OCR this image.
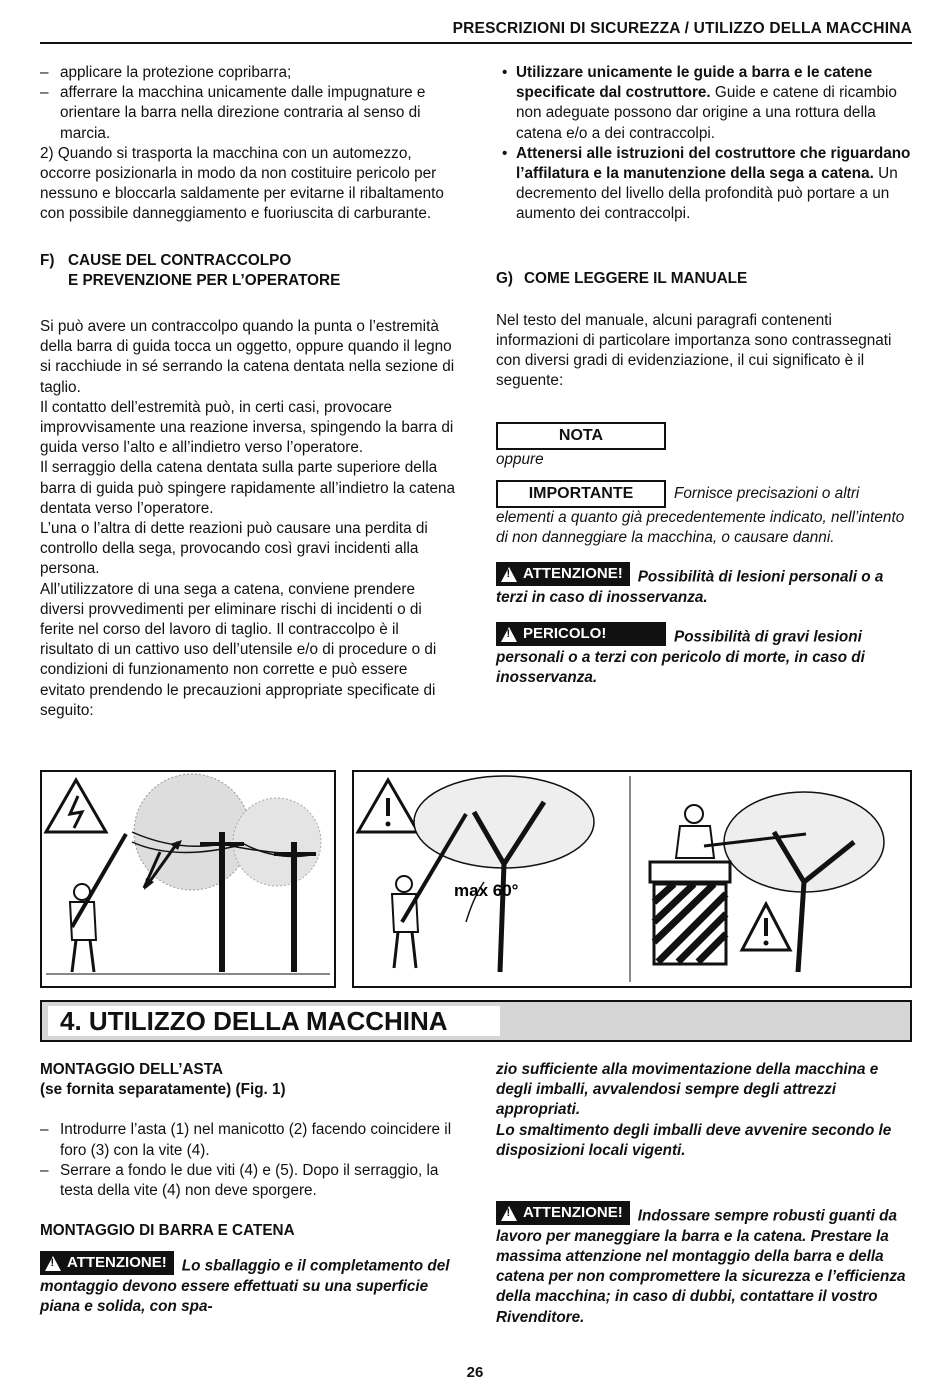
PRESCRIZIONI DI SICUREZZA / UTILIZZO DELLA MACCHINA
– applicare la protezione copribarra;
– afferrare la macchina unicamente dalle impugnature e orientare la barra nella direzione contraria al senso di marcia.

2) Quando si trasporta la macchina con un automezzo, occorre posizionarla in modo da non costituire pericolo per nessuno e bloccarla saldamente per evitarne il ribaltamento con possibile danneggiamento e fuoriuscita di carburante.

F) CAUSE DEL CONTRACCOLPO
E PREVENZIONE PER L’OPERATORE

Si può avere un contraccolpo quando la punta o l’estremità della barra di guida tocca un oggetto, oppure quando il legno si racchiude in sé serrando la catena dentata nella sezione di taglio.

Il contatto dell’estremità può, in certi casi, provocare improvvisamente una reazione inversa, spingendo la barra di guida verso l’alto e all’indietro verso l’operatore.

Il serraggio della catena dentata sulla parte superiore della barra di guida può spingere rapidamente all’indietro la catena dentata verso l’operatore.

L’una o l’altra di dette reazioni può causare una perdita di controllo della sega, provocando così gravi incidenti alla persona.

All’utilizzatore di una sega a catena, conviene prendere diversi provvedimenti per eliminare rischi di incidenti o di ferite nel corso del lavoro di taglio. Il contraccolpo è il risultato di un cattivo uso dell’utensile e/o di procedure o di condizioni di funzionamento non corrette e può essere evitato prendendo le precauzioni appropriate specificate di seguito:

• Utilizzare unicamente le guide a barra e le catene specificate dal costruttore. Guide e catene di ricambio non adeguate possono dar origine a una rottura della catena e/o a dei contraccolpi.
• Attenersi alle istruzioni del costruttore che riguardano l’affilatura e la manutenzione della sega a catena. Un decremento del livello della profondità può portare a un aumento dei contraccolpi.
G) COME LEGGERE IL MANUALE

Nel testo del manuale, alcuni paragrafi contenenti informazioni di particolare importanza sono contrassegnati con diversi gradi di evidenziazione, il cui significato è il seguente:

NOTA

oppure

IMPORTANTE	Fornisce precisazioni o altri elementi a quanto già precedentemente indicato, nell’intento di non danneggiare la macchina, o causare danni.

!
ATTENZIONE! Possibilità di lesioni personali o a terzi in caso di inosservanza.

!
PERICOLO!	Possibilità di gravi lesioni personali o a terzi con pericolo di morte, in caso di inosservanza.

max 60°
4. UTILIZZO DELLA MACCHINA

MONTAGGIO DELL’ASTA

(se fornita separatamente) (Fig. 1)

– Introdurre l’asta (1) nel manicotto (2) facendo coincidere il foro (3) con la vite (4).
– Serrare a fondo le due viti (4) e (5). Dopo il serraggio, la testa della vite (4) non deve sporgere.

MONTAGGIO DI BARRA E CATENA

!
ATTENZIONE! Lo sballaggio e il completamento del montaggio devono essere effettuati su una superficie piana e solida, con spa-

zio sufficiente alla movimentazione della macchina e degli imballi, avvalendosi sempre degli attrezzi appropriati.

Lo smaltimento degli imballi deve avvenire secondo le disposizioni locali vigenti.

!
ATTENZIONE! Indossare sempre robusti guanti da lavoro per maneggiare la barra e la catena. Prestare la massima attenzione nel montaggio della barra e della catena per non compromettere la sicurezza e l’efficienza della macchina; in caso di dubbi, contattare il vostro Rivenditore.

26
